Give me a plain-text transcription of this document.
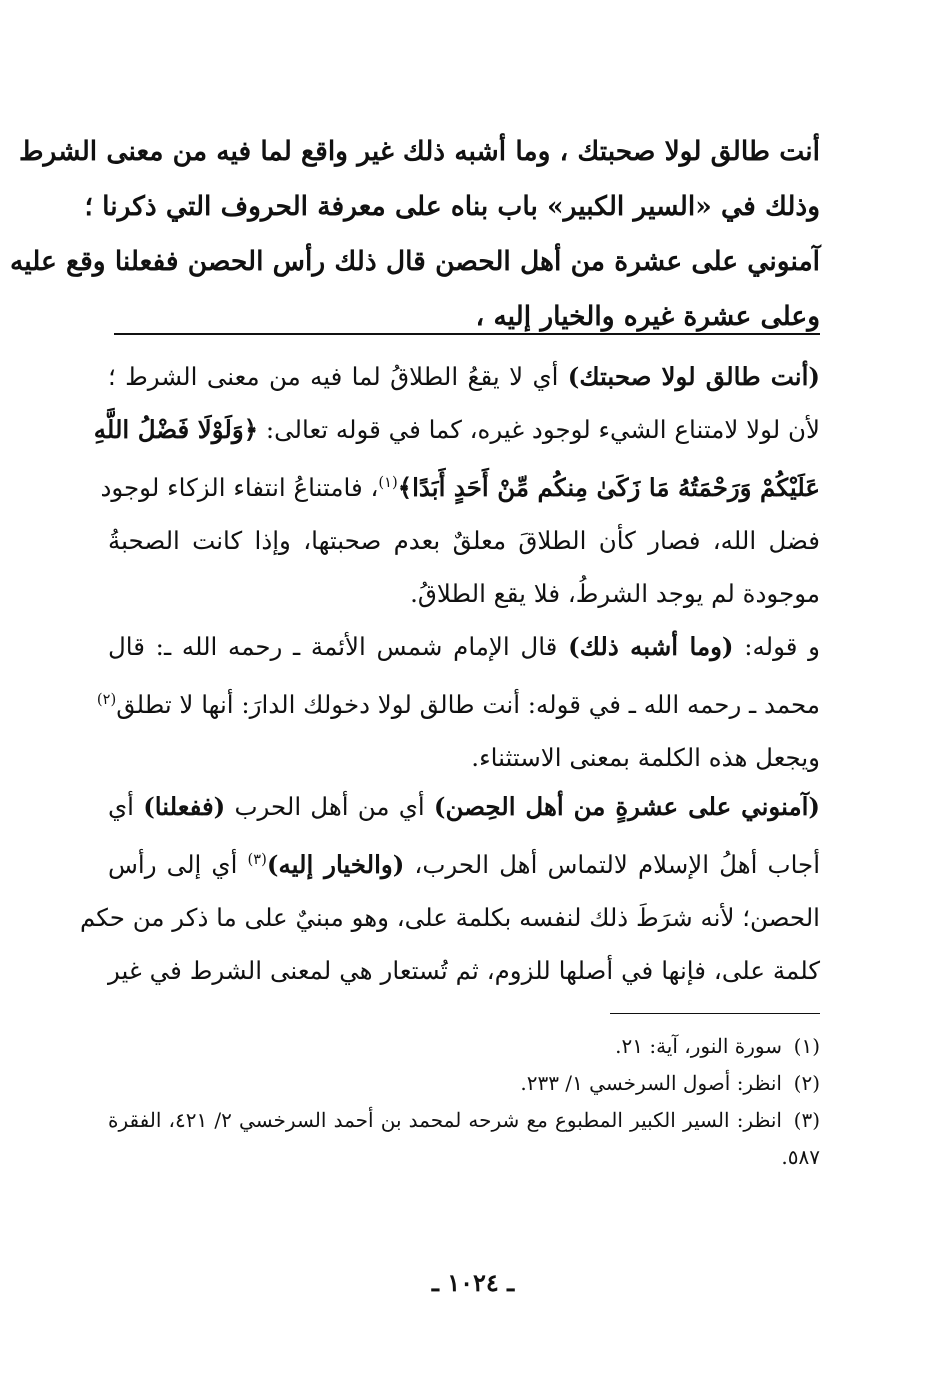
أنت طالق لولا صحبتك ، وما أشبه ذلك غير واقع لما فيه من معنى الشرط
وذلك في «السير الكبير» باب بناه على معرفة الحروف التي ذكرنا ؛
آمنوني على عشرة من أهل الحصن قال ذلك رأس الحصن ففعلنا وقع عليه
وعلى عشرة غيره والخيار إليه ،
(أنت طالق لولا صحبتك) أي لا يقعُ الطلاقُ لما فيه من معنى الشرط ؛
لأن لولا لامتناع الشيء لوجود غيره، كما في قوله تعالى: ﴿وَلَوْلَا فَضْلُ اللَّهِ
عَلَيْكُمْ وَرَحْمَتُهُ مَا زَكَىٰ مِنكُم مِّنْ أَحَدٍ أَبَدًا﴾$^{(١)}$، فامتناعُ انتفاء الزكاء لوجود
فضل الله، فصار كأن الطلاقَ معلقٌ بعدم صحبتها، وإذا كانت الصحبةُ
موجودة لم يوجد الشرطُ، فلا يقع الطلاقُ.
و قوله: (وما أشبه ذلك) قال الإمام شمس الأئمة ـ رحمه الله ـ: قال
محمد ـ رحمه الله ـ في قوله: أنت طالق لولا دخولك الدارَ: أنها لا تطلق$^{(٢)}$
ويجعل هذه الكلمة بمعنى الاستثناء.
(آمنوني على عشرةٍ من أهل الحِصن) أي من أهل الحرب (ففعلنا) أي
أجاب أهلُ الإسلام لالتماس أهل الحرب، (والخيار إليه)$^{(٣)}$ أي إلى رأس
الحصن؛ لأنه شرَطَ ذلك لنفسه بكلمة على، وهو مبنيٌ على ما ذكر من حكم
كلمة على، فإنها في أصلها للزوم، ثم تُستعار هي لمعنى الشرط في غير
(١)سورة النور، آية: ٢١.
(٢)انظر: أصول السرخسي ١/ ٢٣٣.
(٣)انظر: السير الكبير المطبوع مع شرحه لمحمد بن أحمد السرخسي ٢/ ٤٢١، الفقرة ٥٨٧.
ـ ١٠٢٤ ـ
